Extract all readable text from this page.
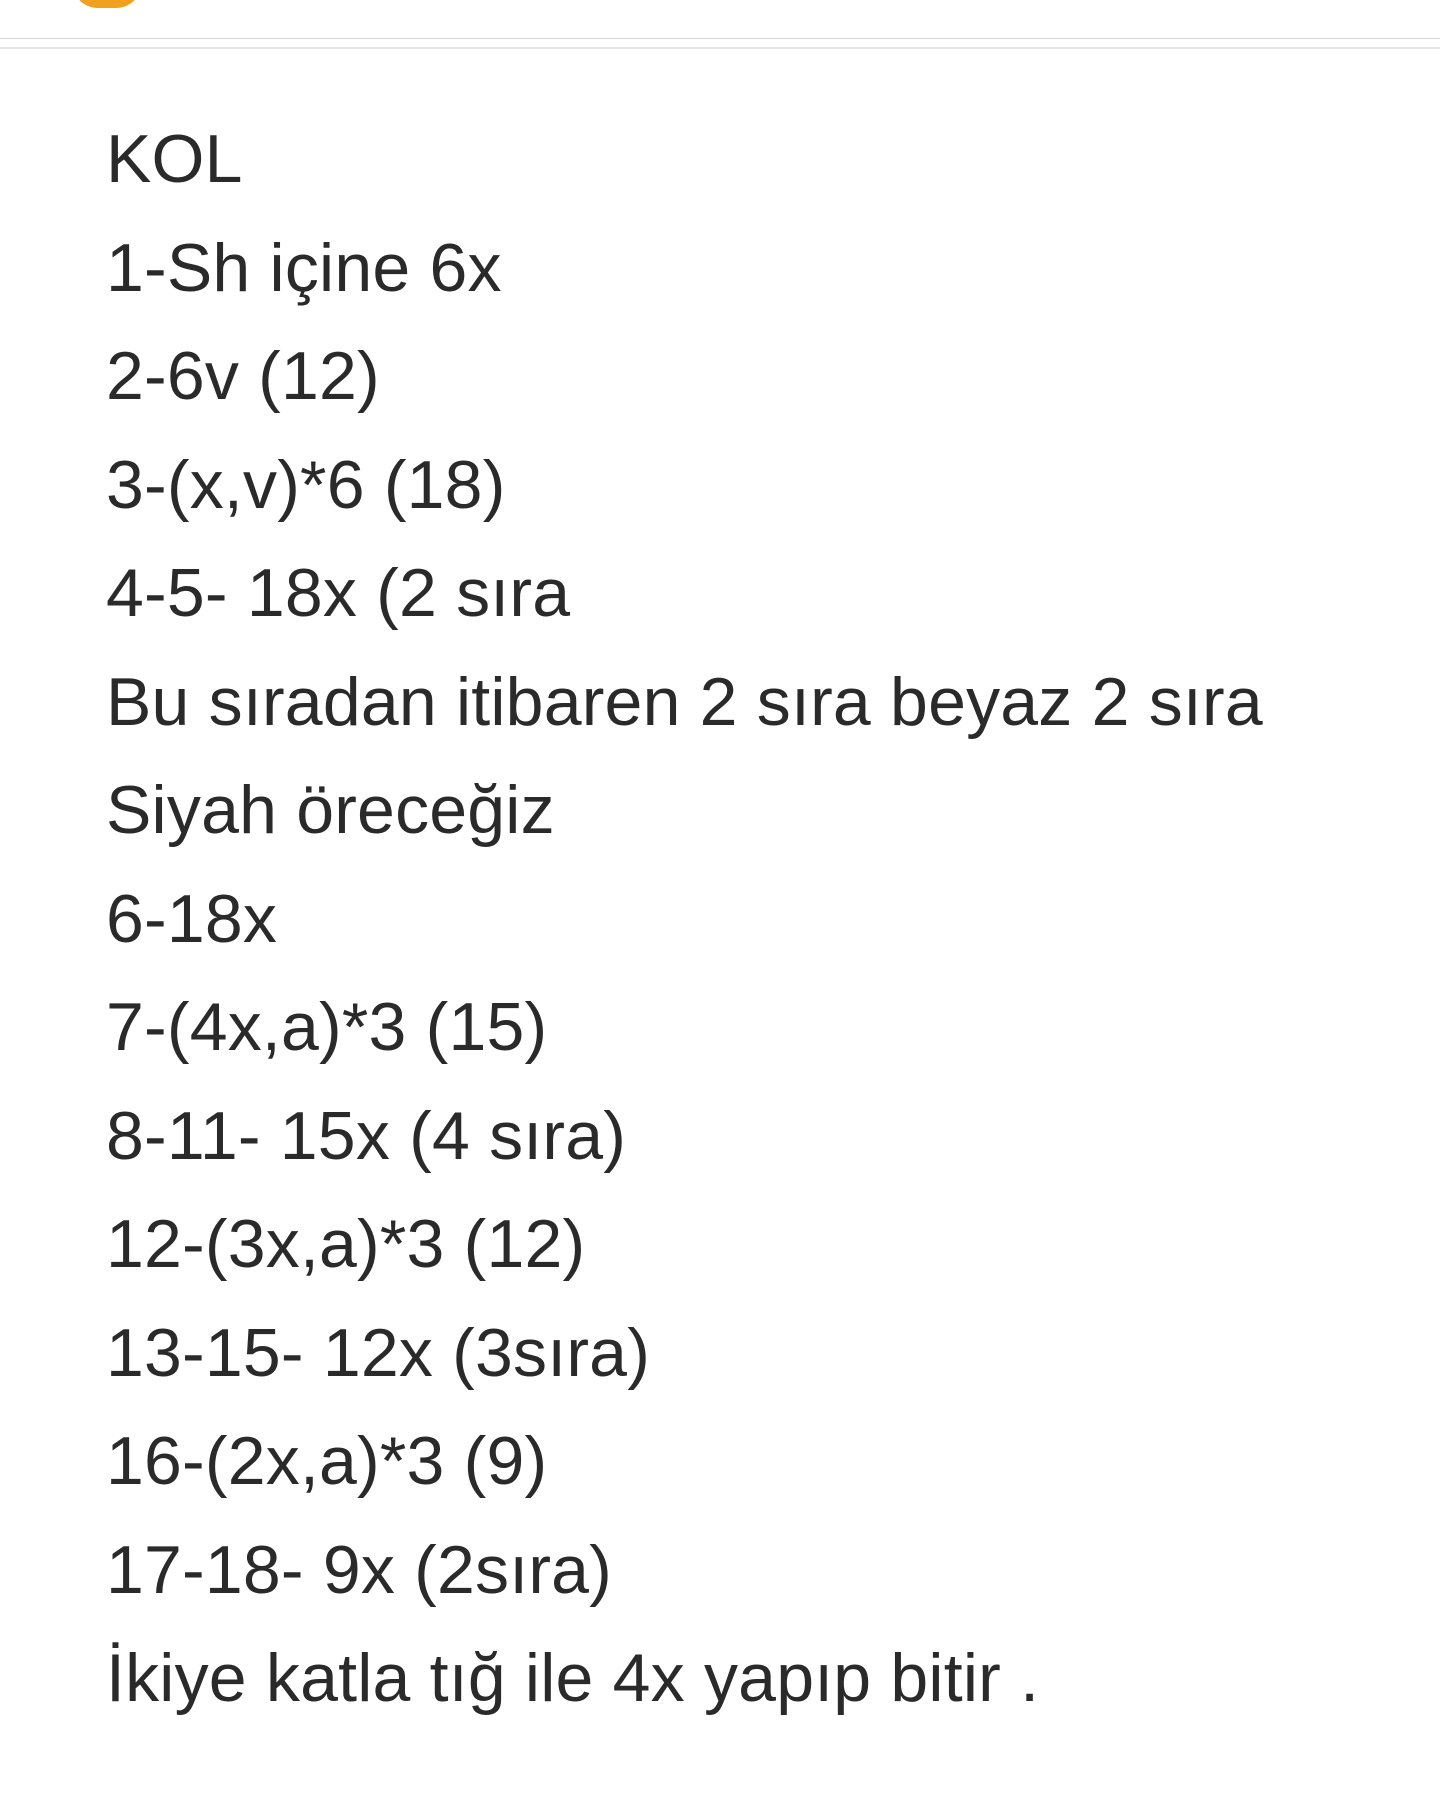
KOL
1-Sh içine 6x
2-6v (12)
3-(x,v)*6 (18)
4-5- 18x (2 sıra
Bu sıradan itibaren 2 sıra beyaz 2 sıra
Siyah öreceğiz
6-18x
7-(4x,a)*3 (15)
8-11- 15x (4 sıra)
12-(3x,a)*3 (12)
13-15- 12x (3sıra)
16-(2x,a)*3 (9)
17-18- 9x (2sıra)
İkiye katla tığ ile 4x yapıp bitir .
